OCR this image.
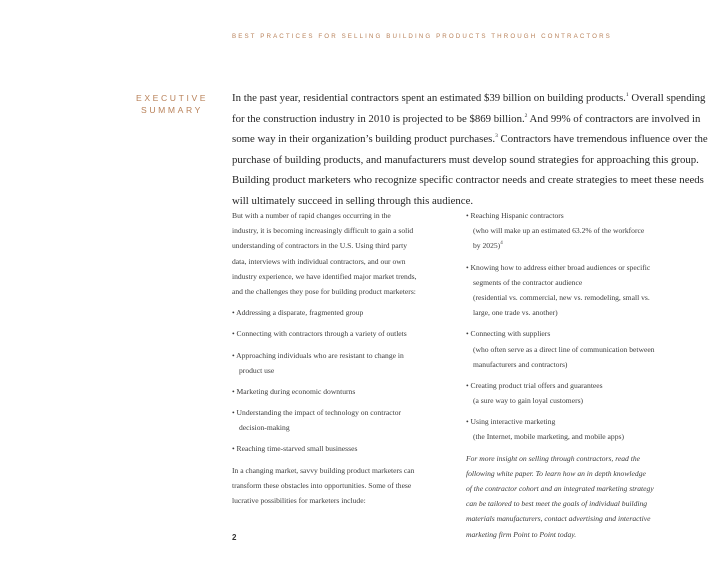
BEST PRACTICES FOR SELLING BUILDING PRODUCTS THROUGH CONTRACTORS
EXECUTIVE
SUMMARY
In the past year, residential contractors spent an estimated $39 billion on building products.$^1$ Overall spending
for the construction industry in 2010 is projected to be $869 billion.$^2$ And 99% of contractors are involved in
some way in their organization’s building product purchases.$^3$ Contractors have tremendous influence over the
purchase of building products, and manufacturers must develop sound strategies for approaching this group.
Building product marketers who recognize specific contractor needs and create strategies to meet these needs
will ultimately succeed in selling through this audience.
But with a number of rapid changes occurring in the
industry, it is becoming increasingly difficult to gain a solid
understanding of contractors in the U.S. Using third party
data, interviews with individual contractors, and our own
industry experience, we have identified major market trends,
and the challenges they pose for building product marketers:
• Addressing a disparate, fragmented group
• Connecting with contractors through a variety of outlets
• Approaching individuals who are resistant to change in
product use
• Marketing during economic downturns
• Understanding the impact of technology on contractor
decision-making
• Reaching time-starved small businesses
In a changing market, savvy building product marketers can
transform these obstacles into opportunities. Some of these
lucrative possibilities for marketers include:
• Reaching Hispanic contractors
(who will make up an estimated 63.2% of the workforce
by 2025)$^4$
• Knowing how to address either broad audiences or specific
segments of the contractor audience
(residential vs. commercial, new vs. remodeling, small vs.
large, one trade vs. another)
• Connecting with suppliers
(who often serve as a direct line of communication between
manufacturers and contractors)
• Creating product trial offers and guarantees
(a sure way to gain loyal customers)
• Using interactive marketing
(the Internet, mobile marketing, and mobile apps)
For more insight on selling through contractors, read the
following white paper. To learn how an in depth knowledge
of the contractor cohort and an integrated marketing strategy
can be tailored to best meet the goals of individual building
materials manufacturers, contact advertising and interactive
marketing firm Point to Point today.
2
